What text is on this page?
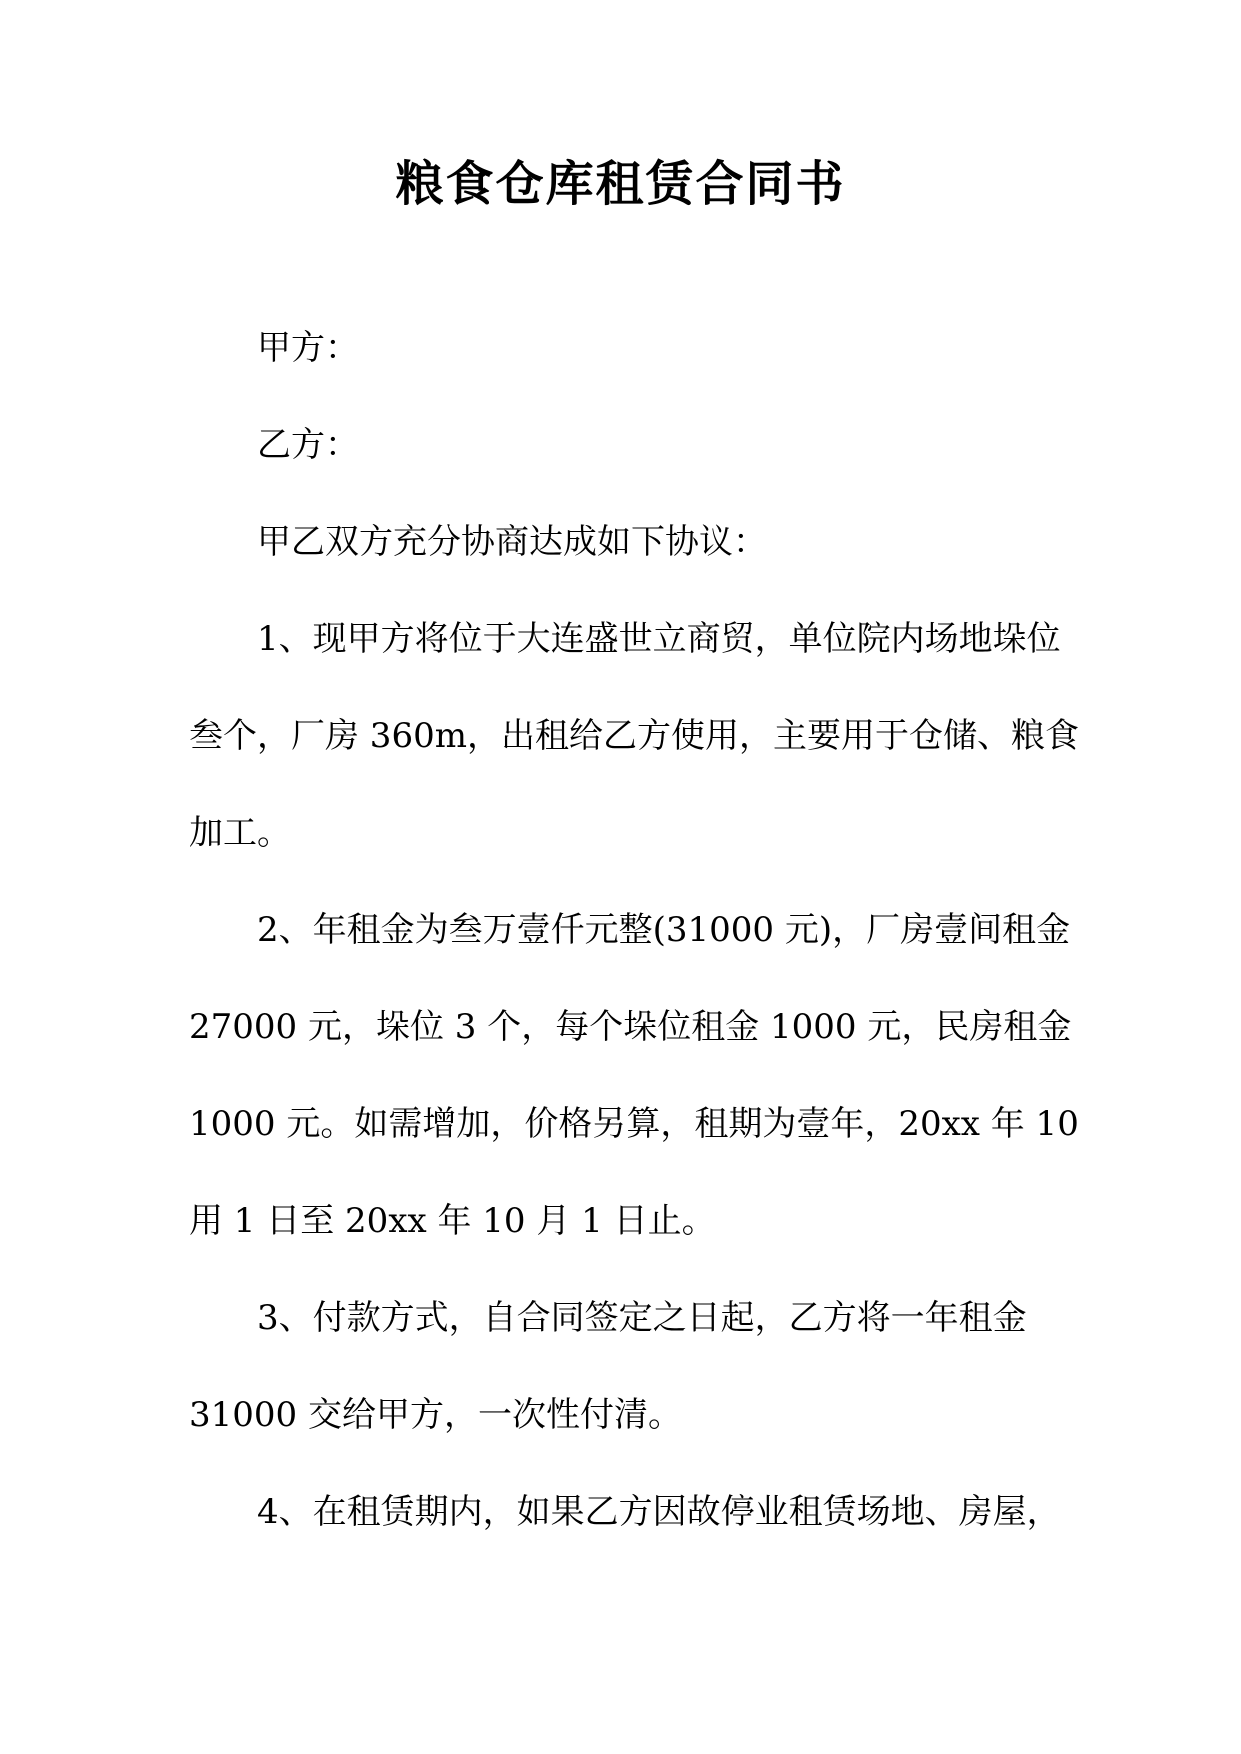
粮食仓库租赁合同书
甲方：
乙方：
甲乙双方充分协商达成如下协议：
1、现甲方将位于大连盛世立商贸，单位院内场地垛位
叁个，厂房 360m，出租给乙方使用，主要用于仓储、粮食
加工。
2、年租金为叁万壹仟元整(31000 元)，厂房壹间租金
27000 元，垛位 3 个，每个垛位租金 1000 元，民房租金
1000 元。如需增加，价格另算，租期为壹年，20xx 年 10
用 1 日至 20xx 年 10 月 1 日止。
3、付款方式，自合同签定之日起，乙方将一年租金
31000 交给甲方，一次性付清。
4、在租赁期内，如果乙方因故停业租赁场地、房屋，
